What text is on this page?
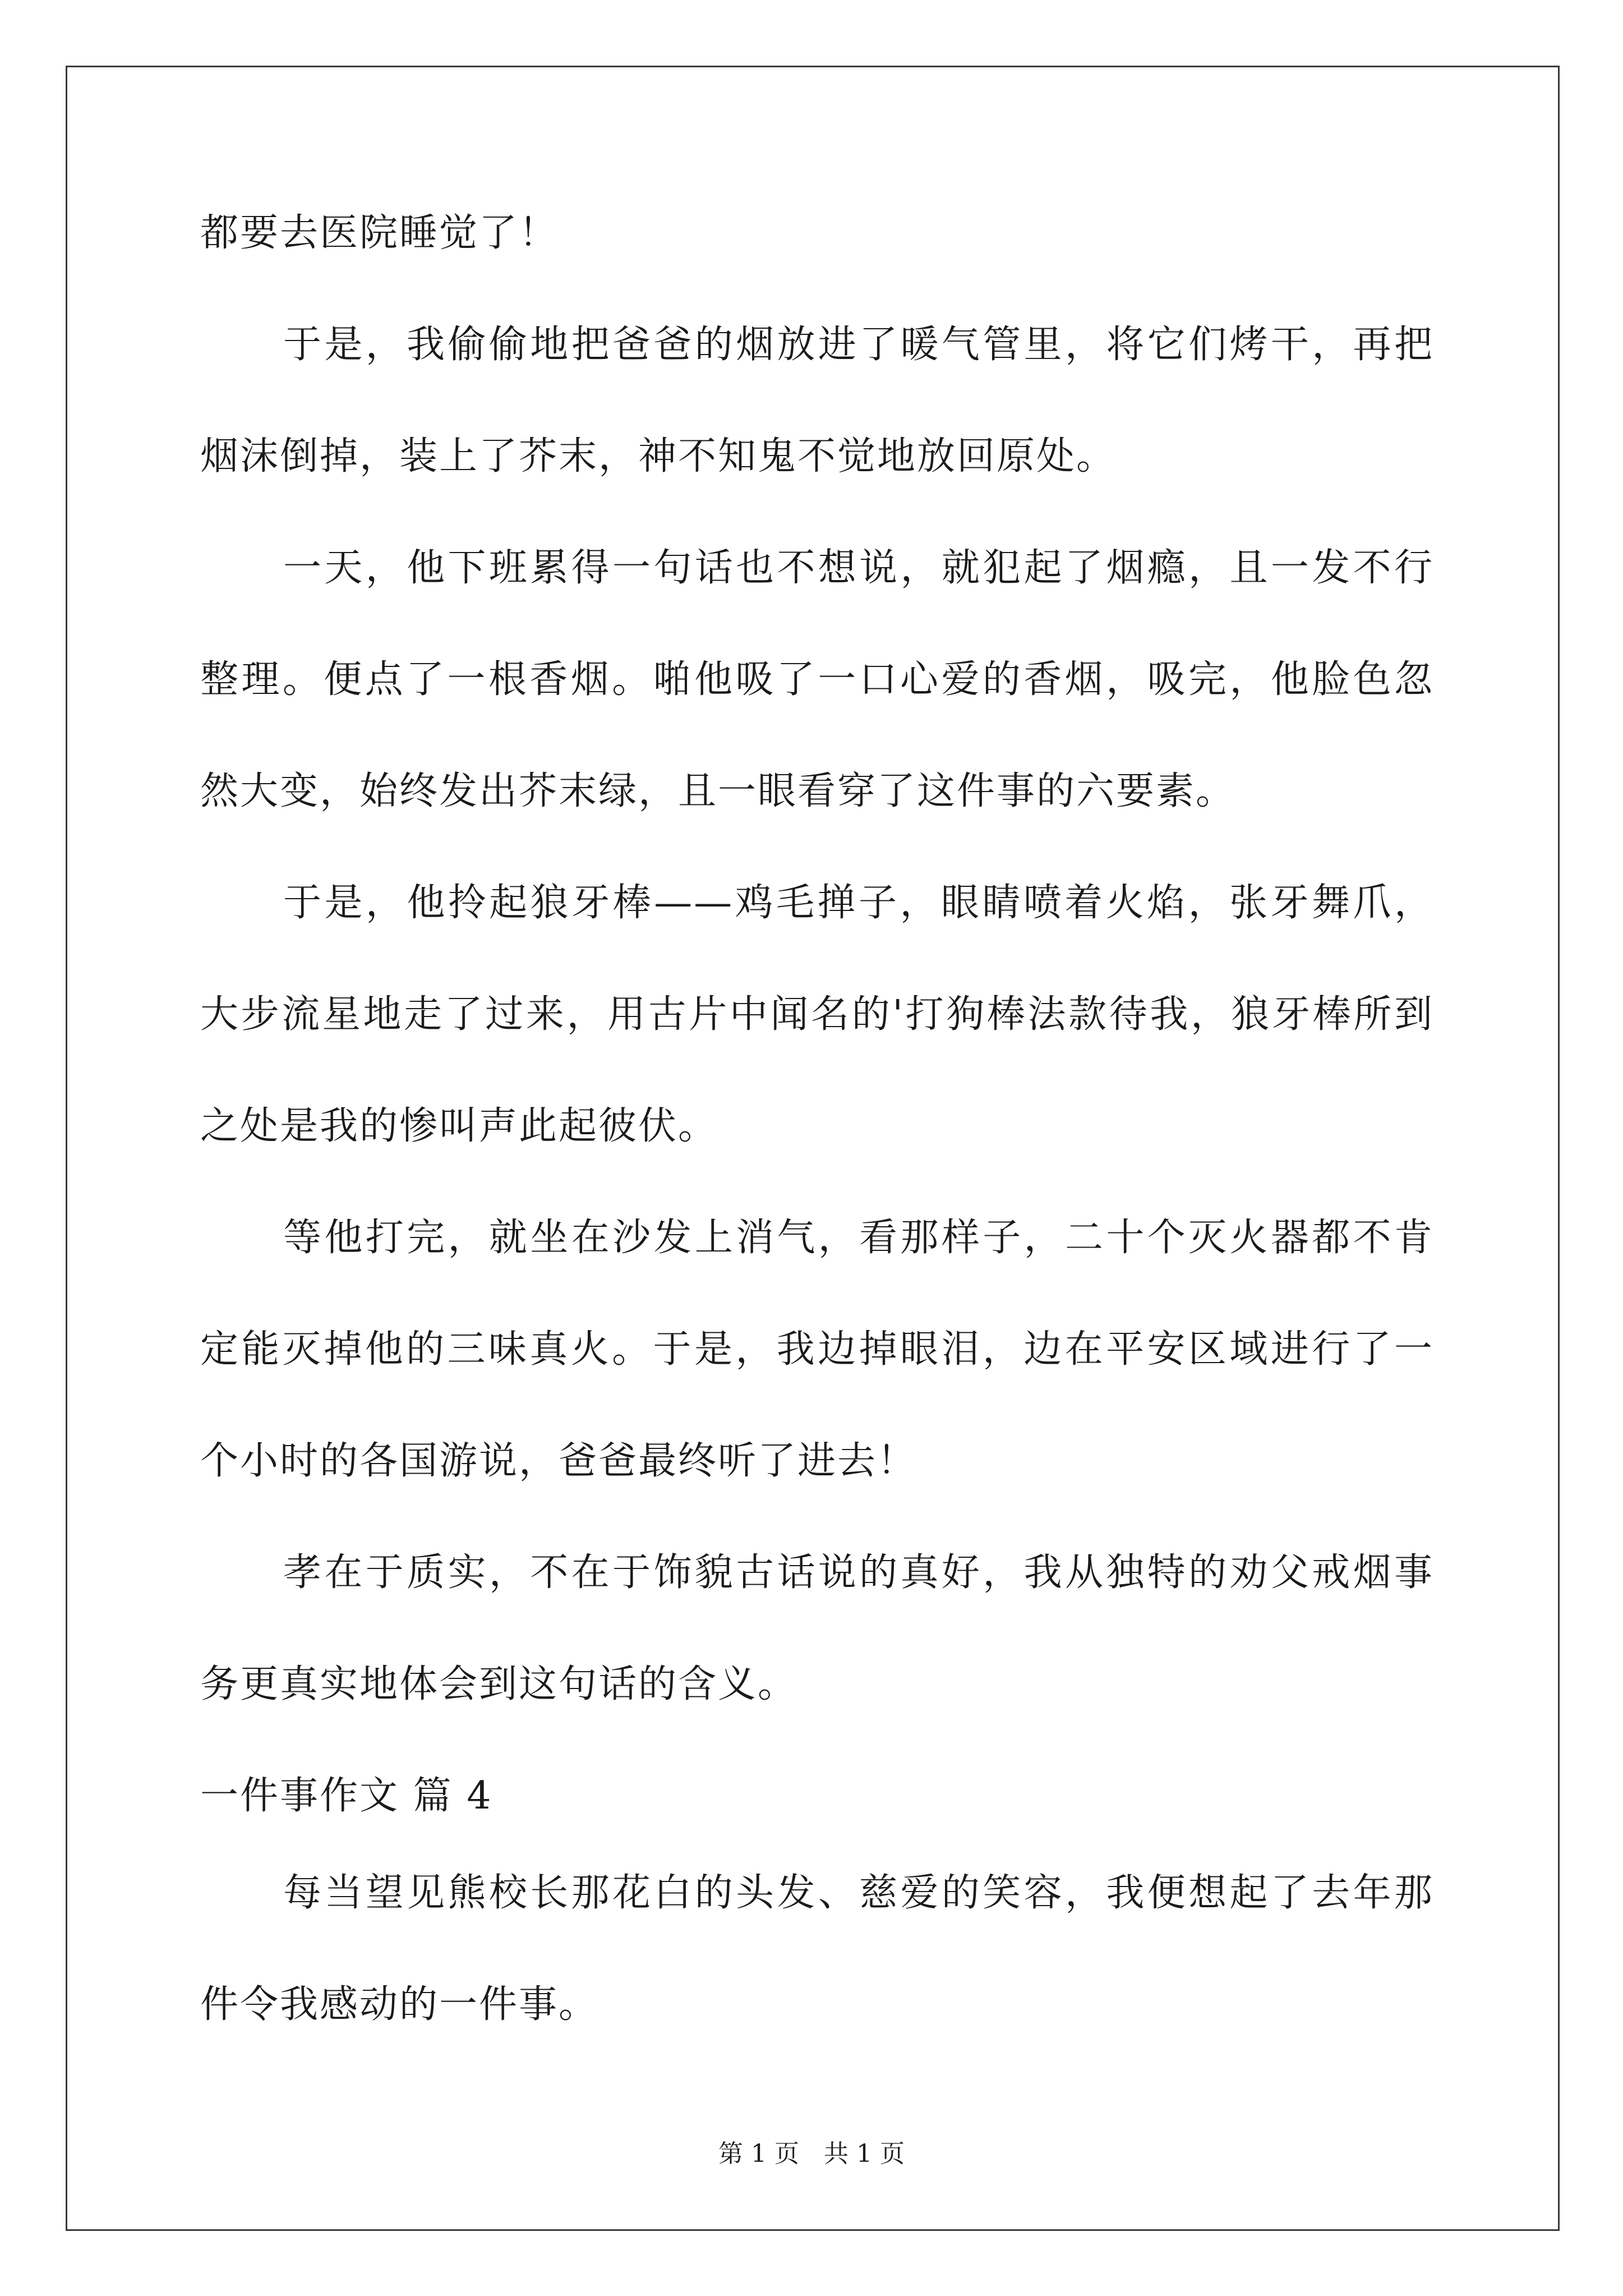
都要去医院睡觉了！
于是，我偷偷地把爸爸的烟放进了暖气管里，将它们烤干，再把
烟沫倒掉，装上了芥末，神不知鬼不觉地放回原处。
一天，他下班累得一句话也不想说，就犯起了烟瘾，且一发不行
整理。便点了一根香烟。啪他吸了一口心爱的香烟，吸完，他脸色忽
然大变，始终发出芥末绿，且一眼看穿了这件事的六要素。
于是，他拎起狼牙棒——鸡毛掸子，眼睛喷着火焰，张牙舞爪，
大步流星地走了过来，用古片中闻名的'打狗棒法款待我，狼牙棒所到
之处是我的惨叫声此起彼伏。
等他打完，就坐在沙发上消气，看那样子，二十个灭火器都不肯
定能灭掉他的三味真火。于是，我边掉眼泪，边在平安区域进行了一
个小时的各国游说，爸爸最终听了进去！
孝在于质实，不在于饰貌古话说的真好，我从独特的劝父戒烟事
务更真实地体会到这句话的含义。
一件事作文 篇 4
每当望见熊校长那花白的头发、慈爱的笑容，我便想起了去年那
件令我感动的一件事。
第 1 页　共 1 页
